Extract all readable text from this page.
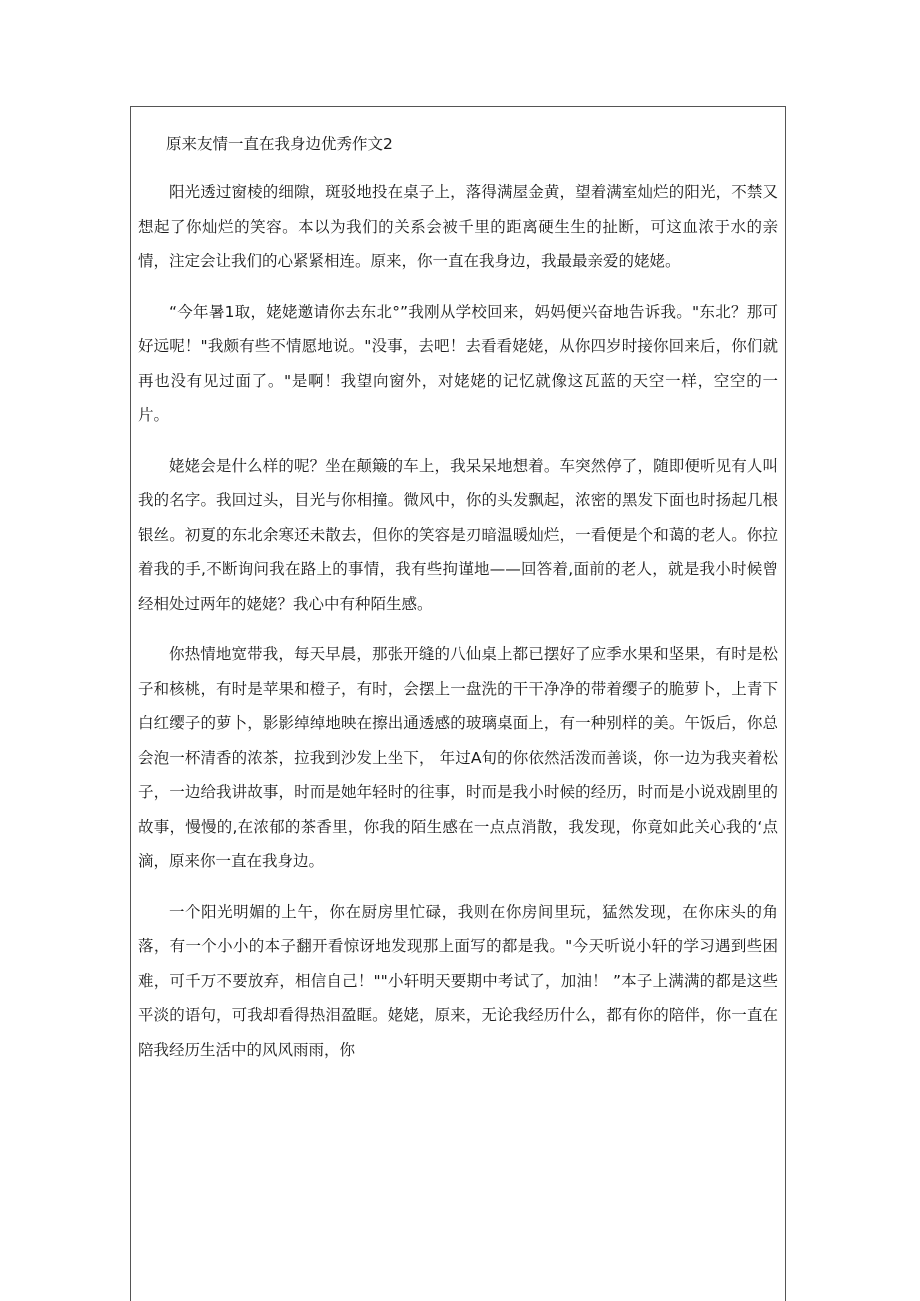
原来友情一直在我身边优秀作文2

阳光透过窗棱的细隙，斑驳地投在桌子上，落得满屋金黄，望着满室灿烂的阳光，不禁又想起了你灿烂的笑容。本以为我们的关系会被千里的距离硬生生的扯断，可这血浓于水的亲情，注定会让我们的心紧紧相连。原来，你一直在我身边，我最最亲爱的姥姥。

“今年暑1取，姥姥邀请你去东北°”我刚从学校回来，妈妈便兴奋地告诉我。"东北？那可好远呢！"我颇有些不情愿地说。"没事，去吧！去看看姥姥，从你四岁时接你回来后，你们就再也没有见过面了。"是啊！我望向窗外，对姥姥的记忆就像这瓦蓝的天空一样，空空的一片。

姥姥会是什么样的呢？坐在颠簸的车上，我呆呆地想着。车突然停了，随即便听见有人叫我的名字。我回过头，目光与你相撞。微风中，你的头发飘起，浓密的黑发下面也时扬起几根银丝。初夏的东北余寒还未散去，但你的笑容是刃暗温暖灿烂，一看便是个和蔼的老人。你拉着我的手,不断询问我在路上的事情，我有些拘谨地——回答着,面前的老人，就是我小时候曾经相处过两年的姥姥？我心中有种陌生感。

你热情地宽带我，每天早晨，那张开缝的八仙桌上都已摆好了应季水果和坚果，有时是松子和核桃，有时是苹果和橙子，有时，会摆上一盘洗的干干净净的带着缨子的脆萝卜，上青下白红缨子的萝卜，影影绰绰地映在擦出通透感的玻璃桌面上，有一种别样的美。午饭后，你总会泡一杯清香的浓茶，拉我到沙发上坐下， 年过A旬的你依然活泼而善谈，你一边为我夹着松子，一边给我讲故事，时而是她年轻时的往事，时而是我小时候的经历，时而是小说戏剧里的故事，慢慢的,在浓郁的茶香里，你我的陌生感在一点点消散，我发现，你竟如此关心我的‘点滴，原来你一直在我身边。

一个阳光明媚的上午，你在厨房里忙碌，我则在你房间里玩，猛然发现，在你床头的角落，有一个小小的本子翻开看惊讶地发现那上面写的都是我。"今天听说小轩的学习遇到些困难，可千万不要放弃，相信自己！""小轩明天要期中考试了，加油！ ”本子上满满的都是这些平淡的语句，可我却看得热泪盈眶。姥姥，原来，无论我经历什么，都有你的陪伴，你一直在陪我经历生活中的风风雨雨，你
